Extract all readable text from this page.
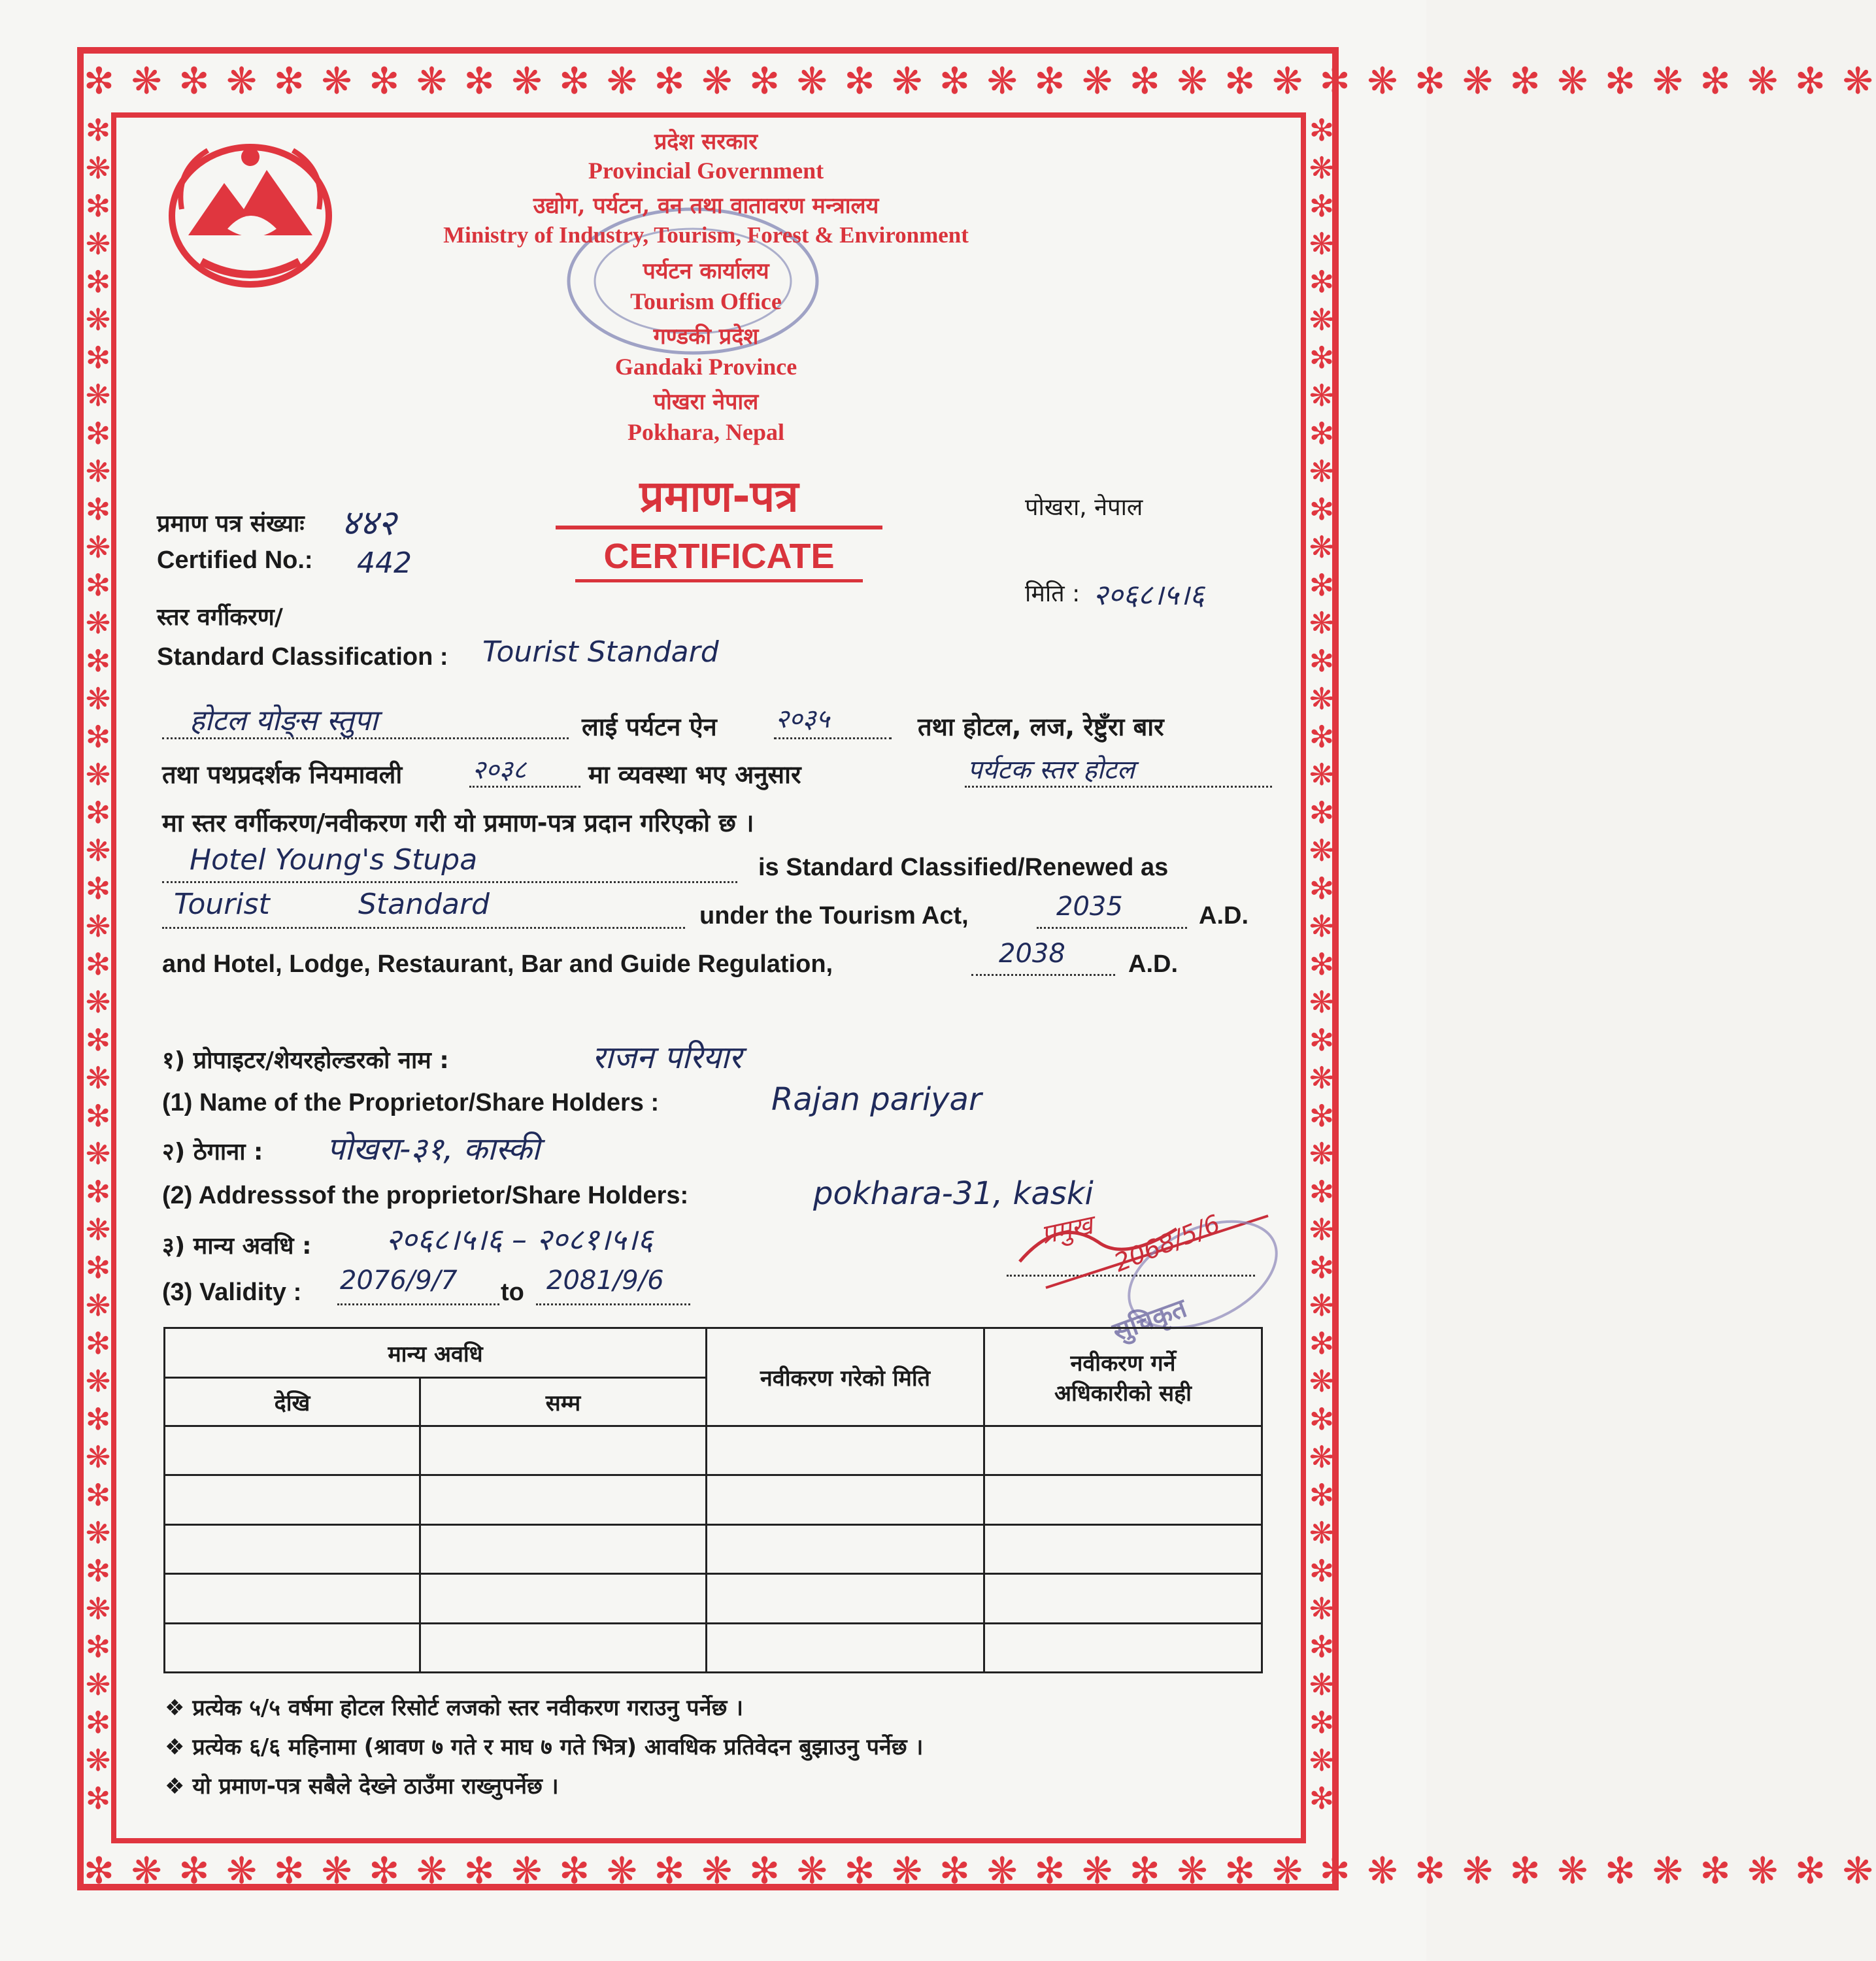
✻ ❋ ✻ ❋ ✻ ❋ ✻ ❋ ✻ ❋ ✻ ❋ ✻ ❋ ✻ ❋ ✻ ❋ ✻ ❋ ✻ ❋ ✻ ❋ ✻ ❋ ✻ ❋ ✻ ❋ ✻ ❋ ✻ ❋ ✻ ❋ ✻ ❋
✻ ❋ ✻ ❋ ✻ ❋ ✻ ❋ ✻ ❋ ✻ ❋ ✻ ❋ ✻ ❋ ✻ ❋ ✻ ❋ ✻ ❋ ✻ ❋ ✻ ❋ ✻ ❋ ✻ ❋ ✻ ❋ ✻ ❋ ✻ ❋ ✻ ❋
✻
❋
✻
❋
✻
❋
✻
❋
✻
❋
✻
❋
✻
❋
✻
❋
✻
❋
✻
❋
✻
❋
✻
❋
✻
❋
✻
❋
✻
❋
✻
❋
✻
❋
✻
❋
✻
❋
✻
❋
✻
❋
✻
❋
✻
✻
❋
✻
❋
✻
❋
✻
❋
✻
❋
✻
❋
✻
❋
✻
❋
✻
❋
✻
❋
✻
❋
✻
❋
✻
❋
✻
❋
✻
❋
✻
❋
✻
❋
✻
❋
✻
❋
✻
❋
✻
❋
✻
❋
✻
प्रदेश सरकार
Provincial Government
उद्योग, पर्यटन, वन तथा वातावरण मन्त्रालय
Ministry of Industry, Tourism, Forest & Environment
पर्यटन कार्यालय
Tourism Office
गण्डकी प्रदेश
Gandaki Province
पोखरा नेपाल
Pokhara, Nepal
प्रमाण-पत्र
CERTIFICATE
पोखरा, नेपाल
मिति : २०६८।५।६
प्रमाण पत्र संख्याः ४४२
Certified No.: 442
स्तर वर्गीकरण/
Standard Classification : Tourist Standard
होटल योङ्स स्तुपा	लाई पर्यटन ऐन २०३५	तथा होटल, लज, रेष्टुँरा बार
तथा पथप्रदर्शक नियमावली	२०३८ मा व्यवस्था भए अनुसार	पर्यटक स्तर होटल
मा स्तर वर्गीकरण/नवीकरण गरी यो प्रमाण-पत्र प्रदान गरिएको छ ।
Hotel Young's Stupa	is Standard Classified/Renewed as
Tourist	Standard	under the Tourism Act,	2035	A.D.
and Hotel, Lodge, Restaurant, Bar and Guide Regulation,	2038	A.D.
१) प्रोपाइटर/शेयरहोल्डरको नाम :	राजन परियार
(1) Name of the Proprietor/Share Holders :	Rajan pariyar
२) ठेगाना : पोखरा-३१, कास्की
(2) Addresssof the proprietor/Share Holders:	pokhara-31, kaski
३) मान्य अवधि : २०६८।५।६ – २०८१।५।६
(3) Validity : 2076/9/7 to 2081/9/6
प्रमुख 2068/5/6
सुचिकृत
मान्य अवधि		नवीकरण गरेको मिति	नवीकरण गर्ने
अधिकारीको सही

देखि	सम्म		

❖ प्रत्येक ५/५ वर्षमा होटल रिसोर्ट लजको स्तर नवीकरण गराउनु पर्नेछ ।
❖ प्रत्येक ६/६ महिनामा (श्रावण ७ गते र माघ ७ गते भित्र) आवधिक प्रतिवेदन बुझाउनु पर्नेछ ।
❖ यो प्रमाण-पत्र सबैले देख्ने ठाउँमा राख्नुपर्नेछ ।
